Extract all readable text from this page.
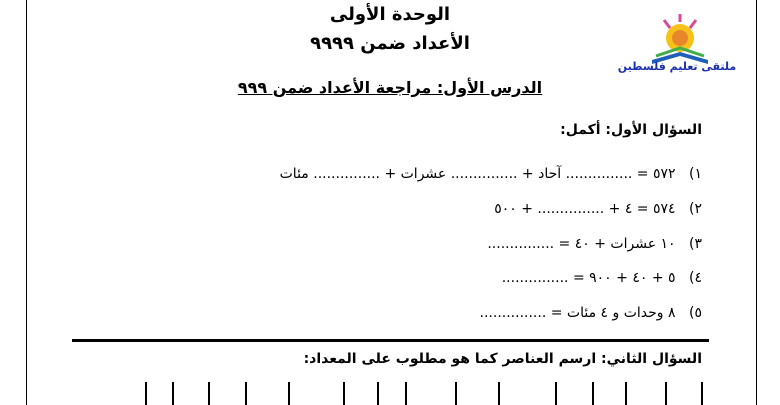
الوحدة الأولى
الأعداد ضمن ٩٩٩٩
ملتقى تعليم فلسطين
الدرس الأول: مراجعة الأعداد ضمن ٩٩٩
السؤال الأول: أكمل:
١) ٥٧٢ = ............... آحاد + ............... عشرات + ............... مئات
٢) ٥٧٤ = ٤ + ............... + ٥٠٠
٣) ١٠ عشرات + ٤٠ = ...............
٤) ٥ + ٤٠ + ٩٠٠ = ...............
٥) ٨ وحدات و ٤ مئات = ...............
السؤال الثاني: ارسم العناصر كما هو مطلوب على المعداد:
